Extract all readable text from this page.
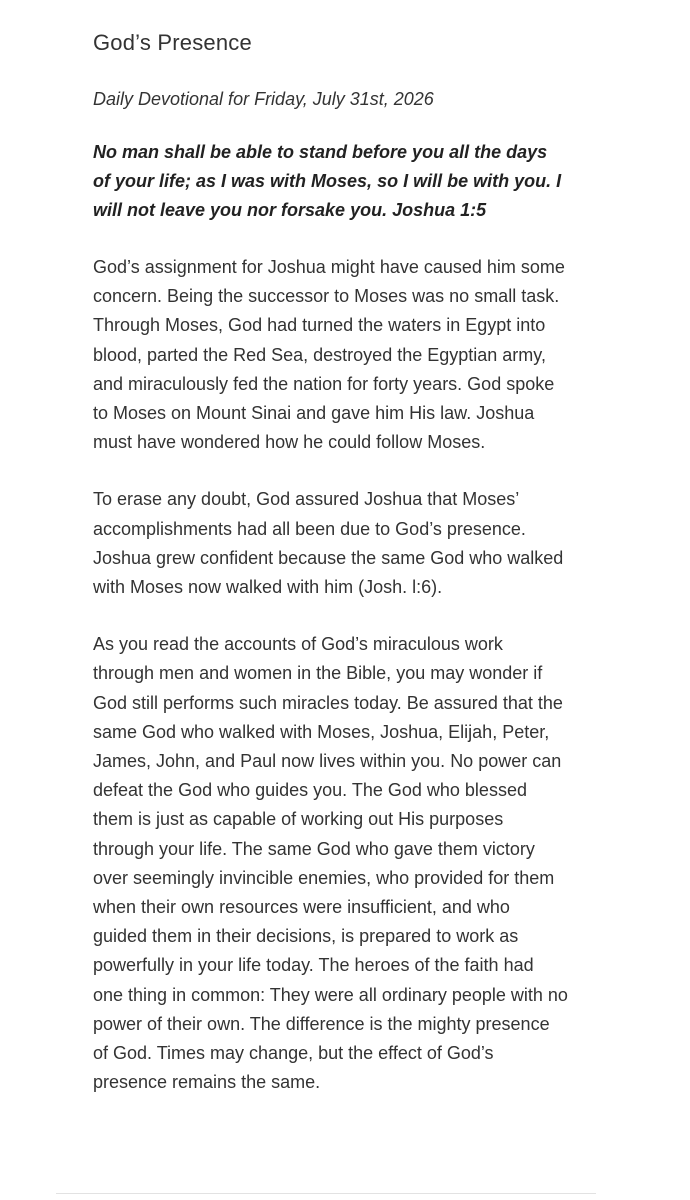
God’s Presence

Daily Devotional for Friday, July 31st, 2026

No man shall be able to stand before you all the days of your life; as I was with Moses, so I will be with you. I will not leave you nor forsake you. Joshua 1:5

God’s assignment for Joshua might have caused him some concern. Being the successor to Moses was no small task. Through Moses, God had turned the waters in Egypt into blood, parted the Red Sea, destroyed the Egyptian army, and miraculously fed the nation for forty years. God spoke to Moses on Mount Sinai and gave him His law. Joshua must have wondered how he could follow Moses.

To erase any doubt, God assured Joshua that Moses’ accomplishments had all been due to God’s presence. Joshua grew confident because the same God who walked with Moses now walked with him (Josh. l:6).

As you read the accounts of God’s miraculous work through men and women in the Bible, you may wonder if God still performs such miracles today. Be assured that the same God who walked with Moses, Joshua, Elijah, Peter, James, John, and Paul now lives within you. No power can defeat the God who guides you. The God who blessed them is just as capable of working out His purposes through your life. The same God who gave them victory over seemingly invincible enemies, who provided for them when their own resources were insufficient, and who guided them in their decisions, is prepared to work as powerfully in your life today. The heroes of the faith had one thing in common: They were all ordinary people with no power of their own. The difference is the mighty presence of God. Times may change, but the effect of God’s presence remains the same.
